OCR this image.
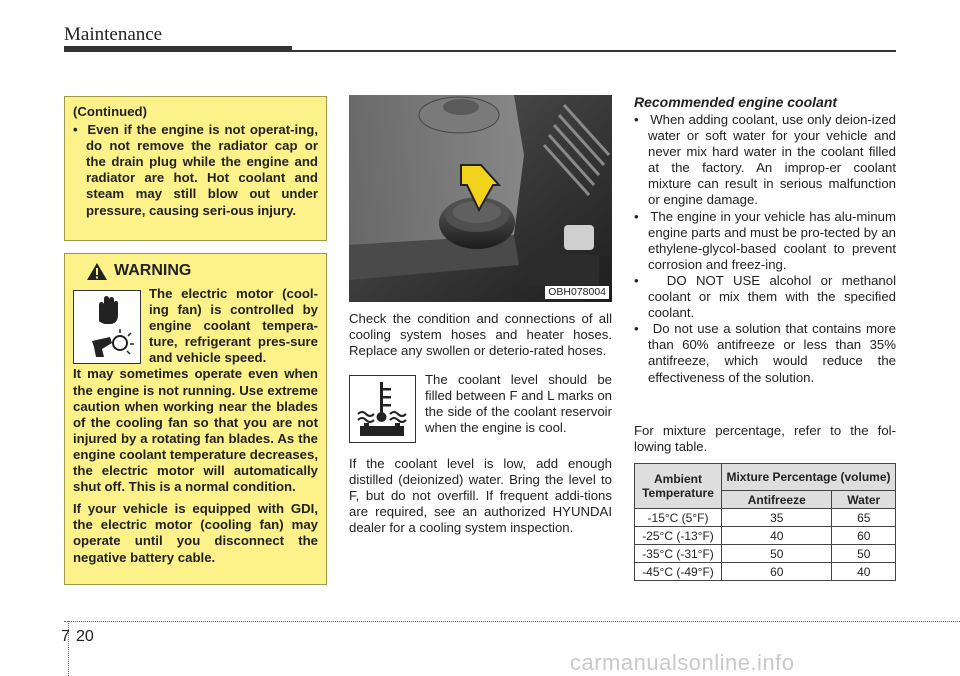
Maintenance
(Continued)
•  Even if the engine is not operat-ing, do not remove the radiator cap or the drain plug while the engine and radiator are hot. Hot coolant and steam may still blow out under pressure, causing seri-ous injury.
WARNING

The electric motor (cool-ing fan) is controlled by engine coolant tempera-ture, refrigerant pres-sure and vehicle speed.

It may sometimes operate even when the engine is not running. Use extreme caution when working near the blades of the cooling fan so that you are not injured by a rotating fan blades. As the engine coolant temperature decreases, the electric motor will automatically shut off. This is a normal condition.

If your vehicle is equipped with GDI, the electric motor (cooling fan) may operate until you disconnect the negative battery cable.

OBH078004
Check the condition and connections of all cooling system hoses and heater hoses. Replace any swollen or deterio-rated hoses.
The coolant level should be filled between F and L marks on the side of the coolant reservoir when the engine is cool.
If the coolant level is low, add enough distilled (deionized) water. Bring the level to F, but do not overfill. If frequent addi-tions are required, see an authorized HYUNDAI dealer for a cooling system inspection.
Recommended engine coolant
•   When adding coolant, use only deion-ized water or soft water for your vehicle and never mix hard water in the coolant filled at the factory. An improp-er coolant mixture can result in serious malfunction or engine damage.
•   The engine in your vehicle has alu-minum engine parts and must be pro-tected by an ethylene-glycol-based coolant to prevent corrosion and freez-ing.
•   DO NOT USE alcohol or methanol coolant or mix them with the specified coolant.
•   Do not use a solution that contains more than 60% antifreeze or less than 35% antifreeze, which would reduce the effectiveness of the solution.
For mixture percentage, refer to the fol-lowing table.
Ambient Temperature	Mixture Percentage (volume)	
	Antifreeze	Water
-15°C (5°F)	35	65
-25°C (-13°F)	40	60
-35°C (-31°F)	50	50
-45°C (-49°F)	60	40
7 20
carmanualsonline.info
